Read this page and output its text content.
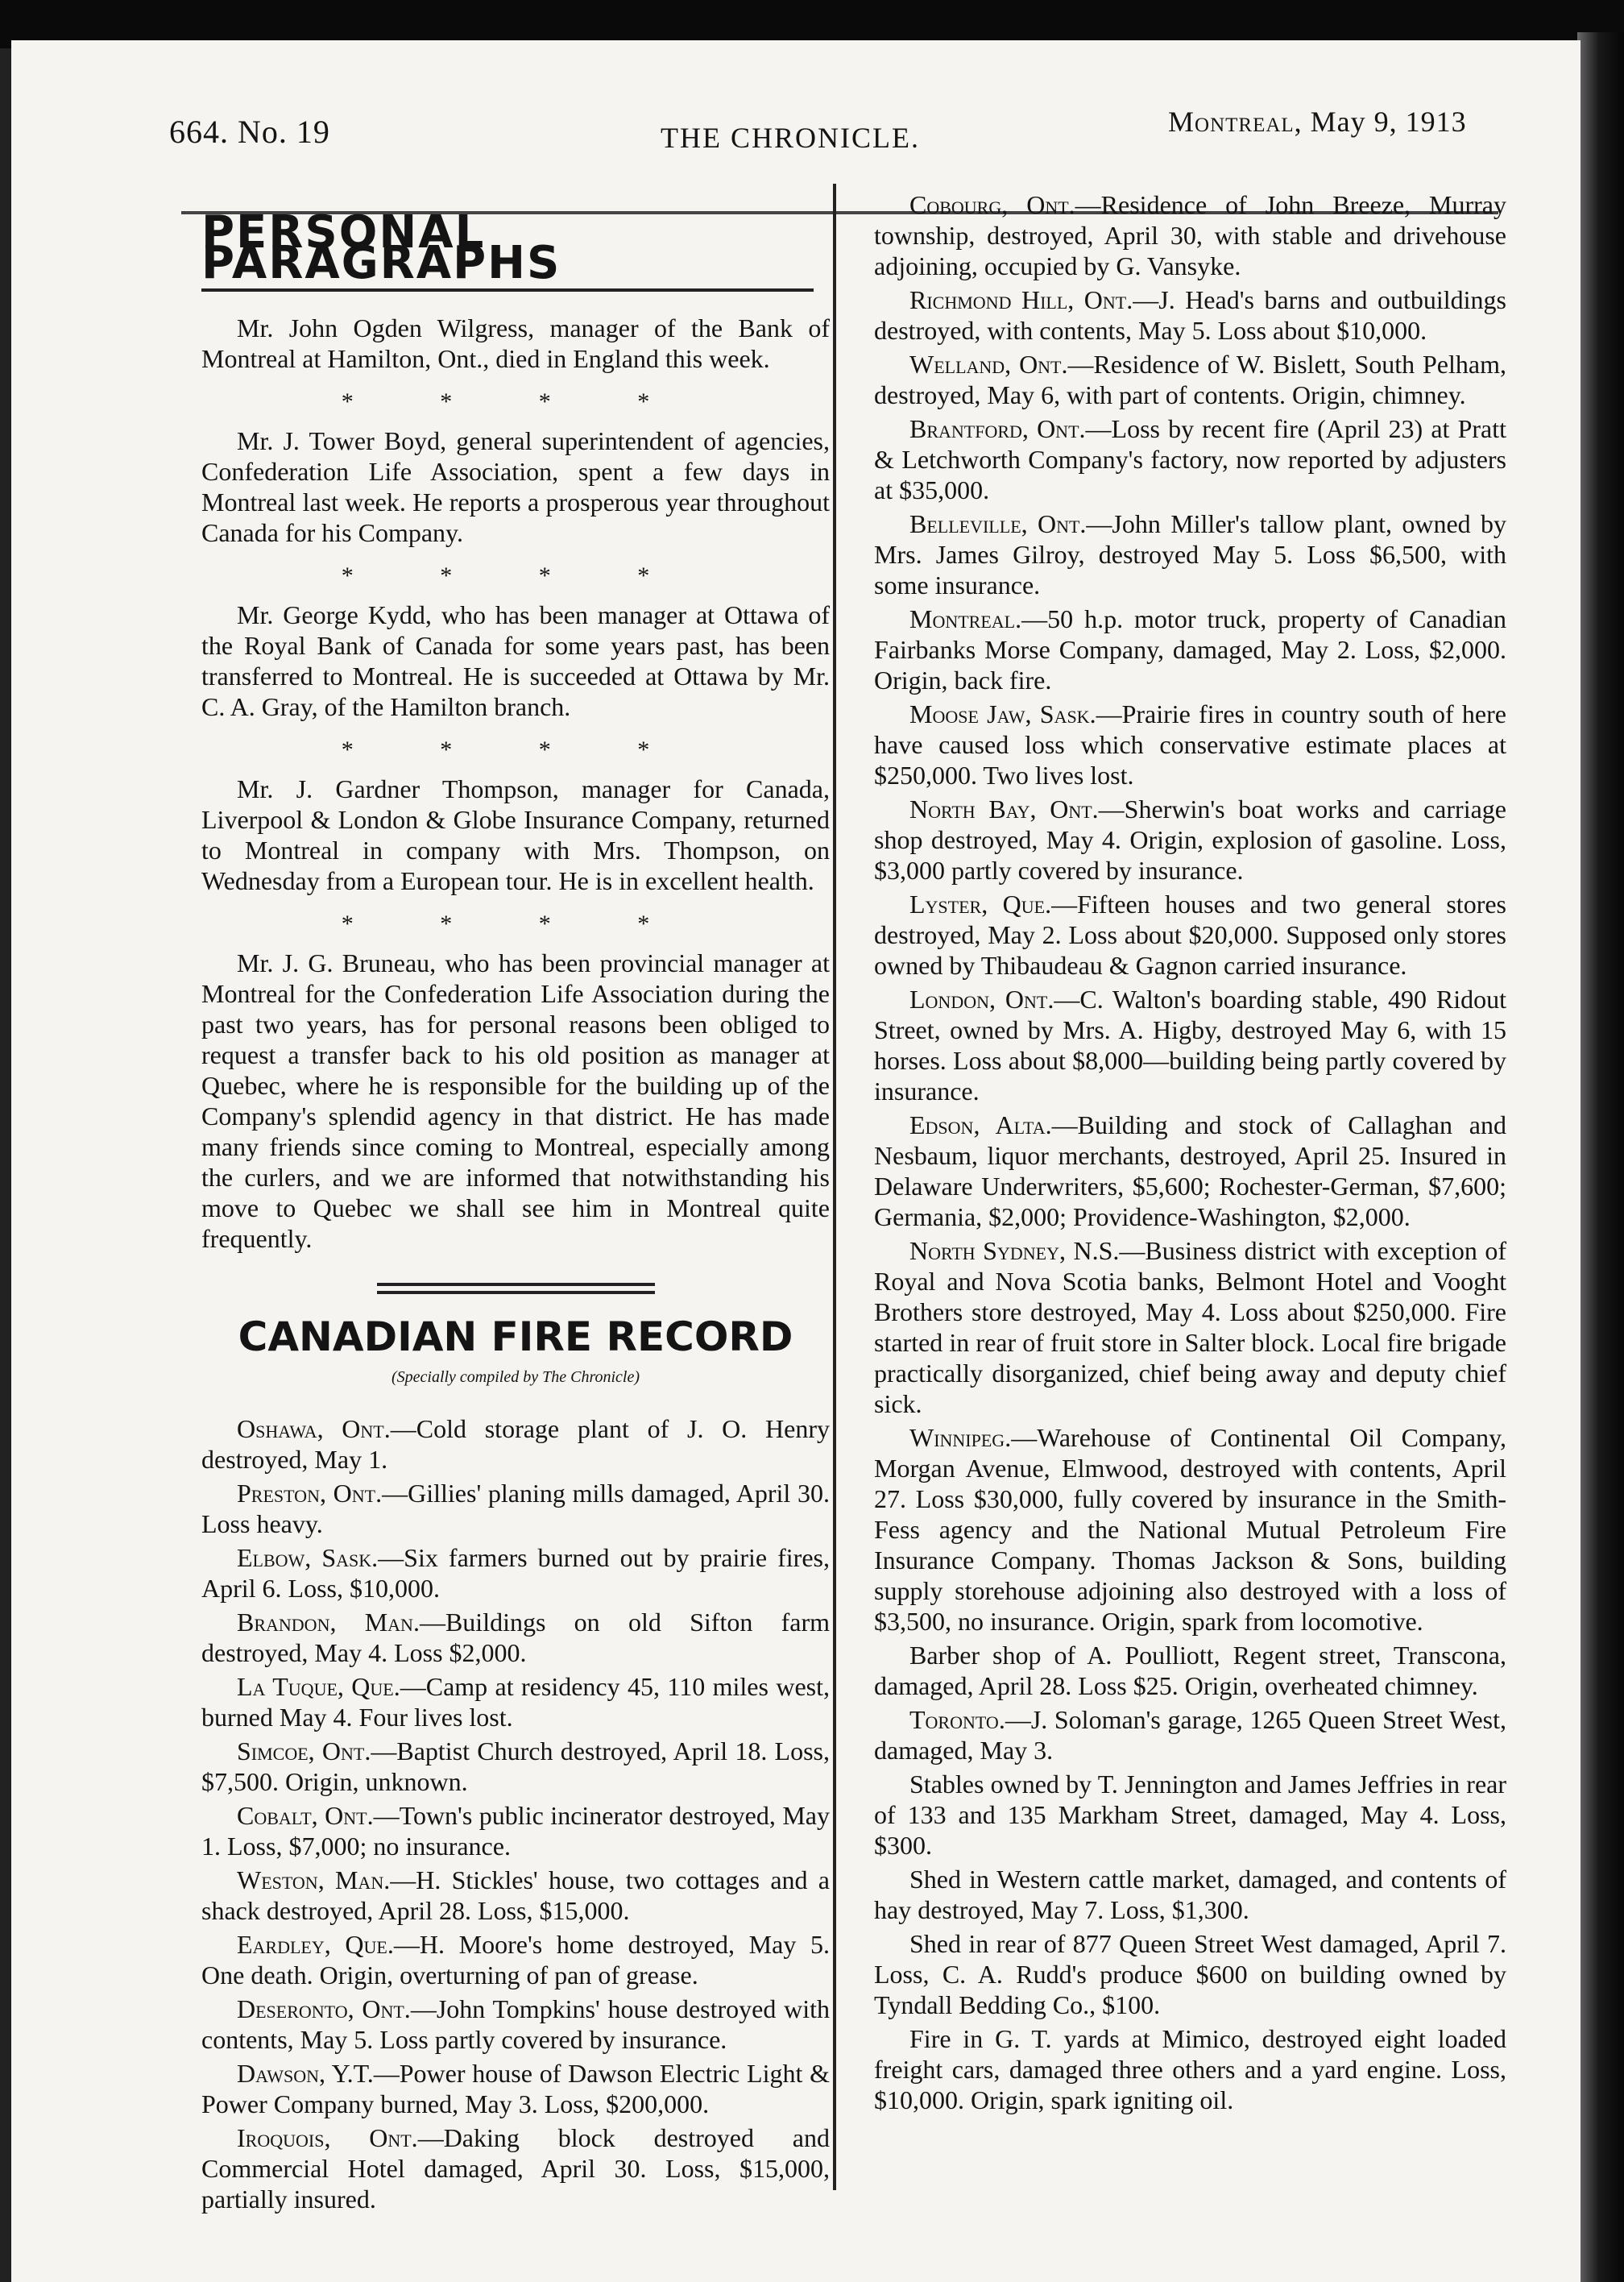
664. No. 19	THE CHRONICLE.	Montreal, May 9, 1913
PERSONAL PARAGRAPHS

Mr. John Ogden Wilgress, manager of the Bank of Montreal at Hamilton, Ont., died in England this week.

* * * *

Mr. J. Tower Boyd, general superintendent of agencies, Confederation Life Association, spent a few days in Montreal last week. He reports a prosperous year throughout Canada for his Company.

* * * *

Mr. George Kydd, who has been manager at Ottawa of the Royal Bank of Canada for some years past, has been transferred to Montreal. He is succeeded at Ottawa by Mr. C. A. Gray, of the Hamilton branch.

* * * *

Mr. J. Gardner Thompson, manager for Canada, Liverpool & London & Globe Insurance Company, returned to Montreal in company with Mrs. Thompson, on Wednesday from a European tour. He is in excellent health.

* * * *

Mr. J. G. Bruneau, who has been provincial manager at Montreal for the Confederation Life Association during the past two years, has for personal reasons been obliged to request a transfer back to his old position as manager at Quebec, where he is responsible for the building up of the Company's splendid agency in that district. He has made many friends since coming to Montreal, especially among the curlers, and we are informed that notwithstanding his move to Quebec we shall see him in Montreal quite frequently.

CANADIAN FIRE RECORD
(Specially compiled by The Chronicle)

Oshawa, Ont.—Cold storage plant of J. O. Henry destroyed, May 1.

Preston, Ont.—Gillies' planing mills damaged, April 30. Loss heavy.

Elbow, Sask.—Six farmers burned out by prairie fires, April 6. Loss, $10,000.

Brandon, Man.—Buildings on old Sifton farm destroyed, May 4. Loss $2,000.

La Tuque, Que.—Camp at residency 45, 110 miles west, burned May 4. Four lives lost.

Simcoe, Ont.—Baptist Church destroyed, April 18. Loss, $7,500. Origin, unknown.

Cobalt, Ont.—Town's public incinerator destroyed, May 1. Loss, $7,000; no insurance.

Weston, Man.—H. Stickles' house, two cottages and a shack destroyed, April 28. Loss, $15,000.

Eardley, Que.—H. Moore's home destroyed, May 5. One death. Origin, overturning of pan of grease.

Deseronto, Ont.—John Tompkins' house destroyed with contents, May 5. Loss partly covered by insurance.

Dawson, Y.T.—Power house of Dawson Electric Light & Power Company burned, May 3. Loss, $200,000.

Iroquois, Ont.—Daking block destroyed and Commercial Hotel damaged, April 30. Loss, $15,000, partially insured.

Cobourg, Ont.—Residence of John Breeze, Murray township, destroyed, April 30, with stable and drivehouse adjoining, occupied by G. Vansyke.

Richmond Hill, Ont.—J. Head's barns and outbuildings destroyed, with contents, May 5. Loss about $10,000.

Welland, Ont.—Residence of W. Bislett, South Pelham, destroyed, May 6, with part of contents. Origin, chimney.

Brantford, Ont.—Loss by recent fire (April 23) at Pratt & Letchworth Company's factory, now reported by adjusters at $35,000.

Belleville, Ont.—John Miller's tallow plant, owned by Mrs. James Gilroy, destroyed May 5. Loss $6,500, with some insurance.

Montreal.—50 h.p. motor truck, property of Canadian Fairbanks Morse Company, damaged, May 2. Loss, $2,000. Origin, back fire.

Moose Jaw, Sask.—Prairie fires in country south of here have caused loss which conservative estimate places at $250,000. Two lives lost.

North Bay, Ont.—Sherwin's boat works and carriage shop destroyed, May 4. Origin, explosion of gasoline. Loss, $3,000 partly covered by insurance.

Lyster, Que.—Fifteen houses and two general stores destroyed, May 2. Loss about $20,000. Supposed only stores owned by Thibaudeau & Gagnon carried insurance.

London, Ont.—C. Walton's boarding stable, 490 Ridout Street, owned by Mrs. A. Higby, destroyed May 6, with 15 horses. Loss about $8,000—building being partly covered by insurance.

Edson, Alta.—Building and stock of Callaghan and Nesbaum, liquor merchants, destroyed, April 25. Insured in Delaware Underwriters, $5,600; Rochester-German, $7,600; Germania, $2,000; Providence-Washington, $2,000.

North Sydney, N.S.—Business district with exception of Royal and Nova Scotia banks, Belmont Hotel and Vooght Brothers store destroyed, May 4. Loss about $250,000. Fire started in rear of fruit store in Salter block. Local fire brigade practically disorganized, chief being away and deputy chief sick.

Winnipeg.—Warehouse of Continental Oil Company, Morgan Avenue, Elmwood, destroyed with contents, April 27. Loss $30,000, fully covered by insurance in the Smith-Fess agency and the National Mutual Petroleum Fire Insurance Company. Thomas Jackson & Sons, building supply storehouse adjoining also destroyed with a loss of $3,500, no insurance. Origin, spark from locomotive.

Barber shop of A. Poulliott, Regent street, Transcona, damaged, April 28. Loss $25. Origin, overheated chimney.

Toronto.—J. Soloman's garage, 1265 Queen Street West, damaged, May 3.

Stables owned by T. Jennington and James Jeffries in rear of 133 and 135 Markham Street, damaged, May 4. Loss, $300.

Shed in Western cattle market, damaged, and contents of hay destroyed, May 7. Loss, $1,300.

Shed in rear of 877 Queen Street West damaged, April 7. Loss, C. A. Rudd's produce $600 on building owned by Tyndall Bedding Co., $100.

Fire in G. T. yards at Mimico, destroyed eight loaded freight cars, damaged three others and a yard engine. Loss, $10,000. Origin, spark igniting oil.
